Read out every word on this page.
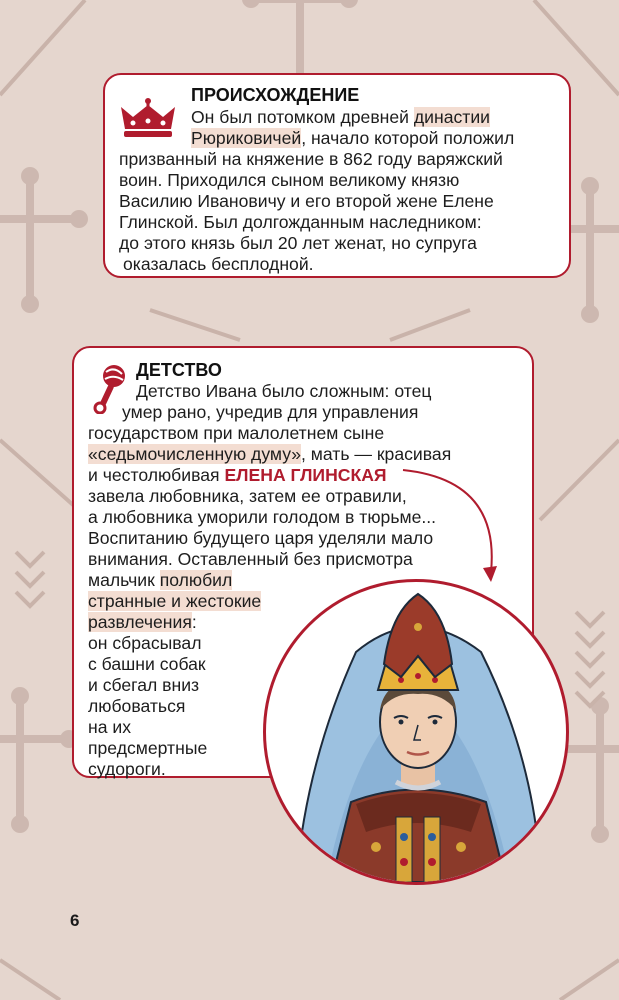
ПРОИСХОЖДЕНИЕ
Он был потомком древней династии
Рюриковичей, начало которой положил
призванный на княжение в 862 году варяжский
воин. Приходился сыном великому князю
Василию Ивановичу и его второй жене Елене
Глинской. Был долгожданным наследником:
до этого князь был 20 лет женат, но супруга
оказалась бесплодной.
ДЕТСТВО
Детство Ивана было сложным: отец
умер рано, учредив для управления
государством при малолетнем сыне
«седьмочисленную думу», мать — красивая
и честолюбивая ЕЛЕНА ГЛИНСКАЯ
завела любовника, затем ее отравили,
а любовника уморили голодом в тюрьме...
Воспитанию будущего царя уделяли мало
внимания. Оставленный без присмотра
мальчик полюбил
странные и жестокие
развлечения:
он сбрасывал
с башни собак
и сбегал вниз
любоваться
на их
предсмертные
судороги.
6
